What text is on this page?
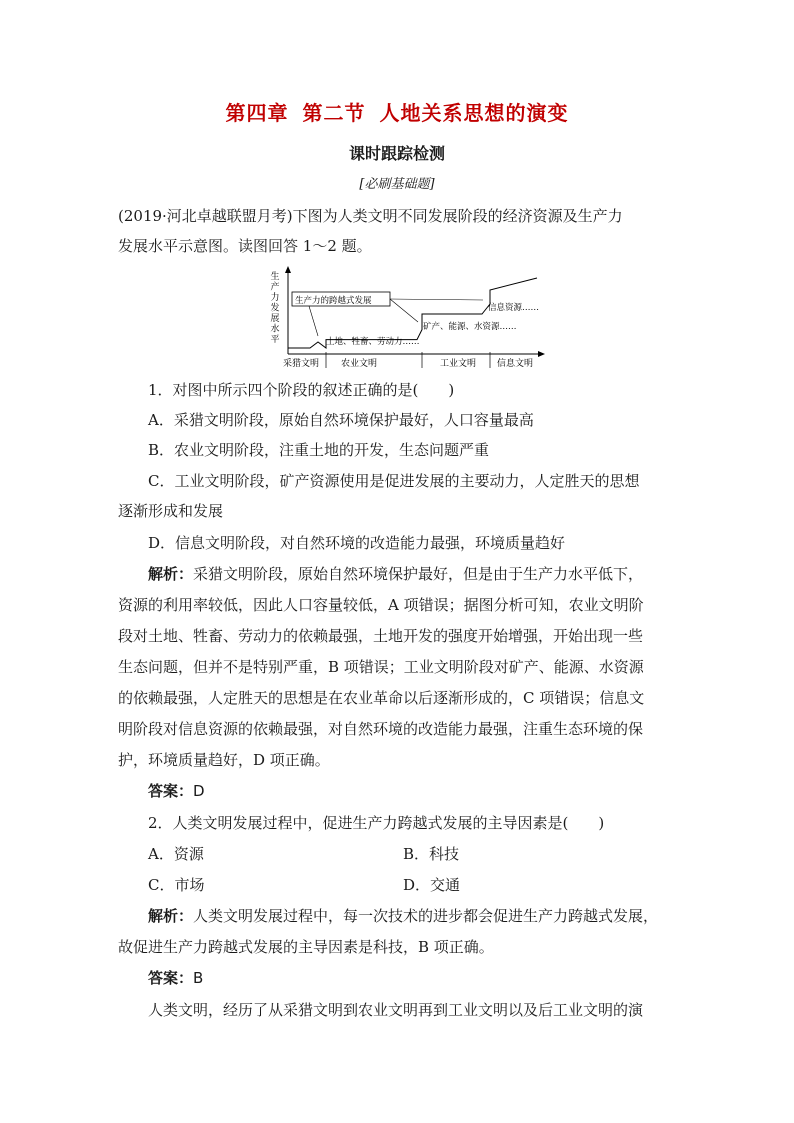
第四章 第二节 人地关系思想的演变
课时跟踪检测
[必刷基础题]
(2019·河北卓越联盟月考)下图为人类文明不同发展阶段的经济资源及生产力
发展水平示意图。读图回答 1～2 题。
生
产
力
发
展
水
平
采猎文明 农业文明	工业文明 信息文明
生产力的跨越式发展
信息资源……
矿产、能源、水资源……
土地、牲畜、劳动力……
1．对图中所示四个阶段的叙述正确的是(　　)
A．采猎文明阶段，原始自然环境保护最好，人口容量最高
B．农业文明阶段，注重土地的开发，生态问题严重
C．工业文明阶段，矿产资源使用是促进发展的主要动力，人定胜天的思想
逐渐形成和发展
D．信息文明阶段，对自然环境的改造能力最强，环境质量趋好
解析：采猎文明阶段，原始自然环境保护最好，但是由于生产力水平低下，
资源的利用率较低，因此人口容量较低，A 项错误；据图分析可知，农业文明阶
段对土地、牲畜、劳动力的依赖最强，土地开发的强度开始增强，开始出现一些
生态问题，但并不是特别严重，B 项错误；工业文明阶段对矿产、能源、水资源
的依赖最强，人定胜天的思想是在农业革命以后逐渐形成的，C 项错误；信息文
明阶段对信息资源的依赖最强，对自然环境的改造能力最强，注重生态环境的保
护，环境质量趋好，D 项正确。
答案：D
2．人类文明发展过程中，促进生产力跨越式发展的主导因素是(　　)
A．资源	B．科技
C．市场	D．交通
解析：人类文明发展过程中，每一次技术的进步都会促进生产力跨越式发展，
故促进生产力跨越式发展的主导因素是科技，B 项正确。
答案：B
人类文明，经历了从采猎文明到农业文明再到工业文明以及后工业文明的演
